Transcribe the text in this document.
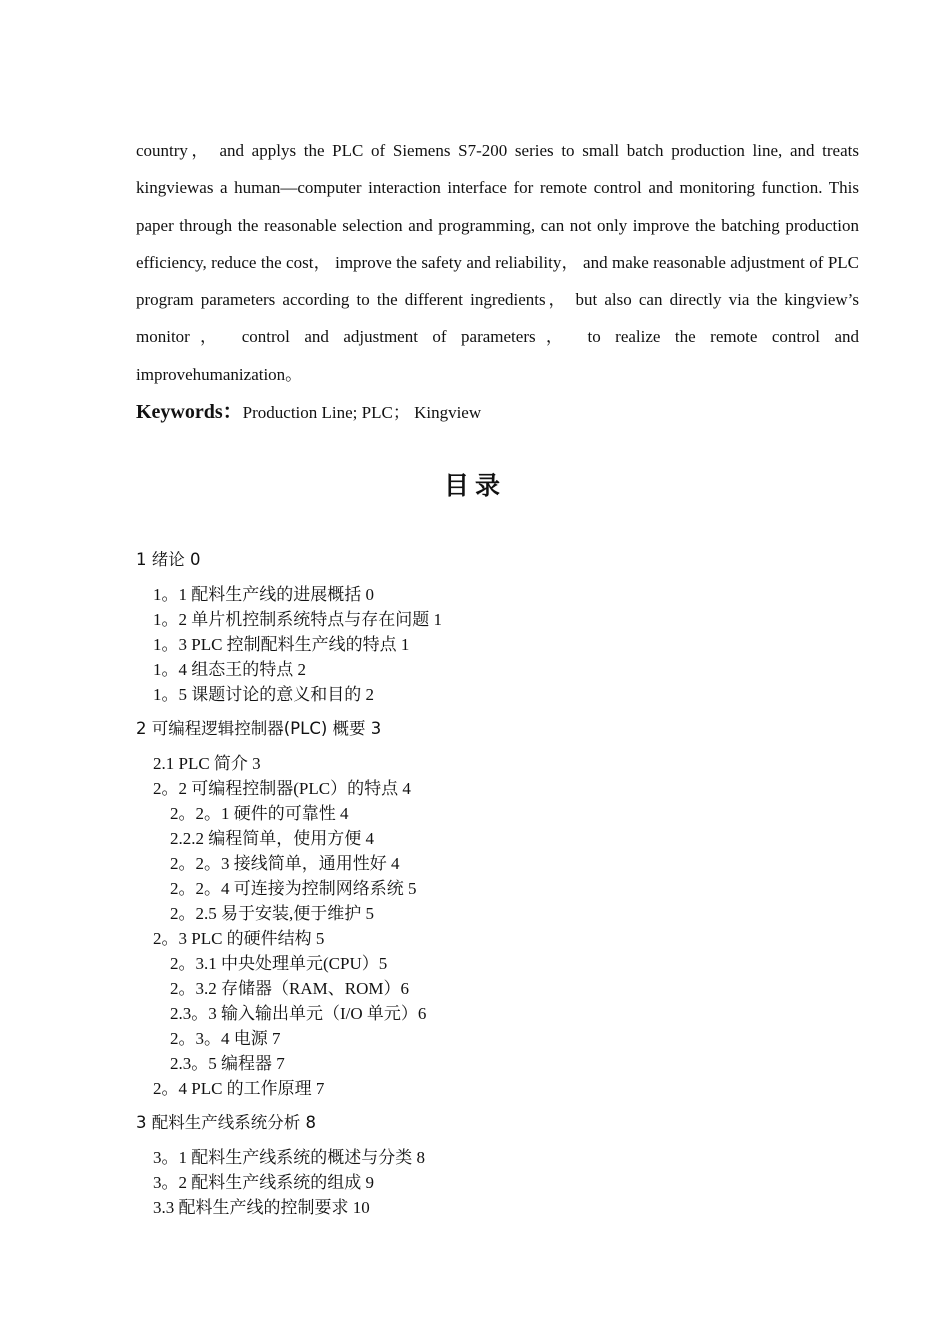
country， and applys the PLC of Siemens S7-200 series to small batch production line, and treats kingviewas a human—computer interaction interface for remote control and monitoring function. This paper through the reasonable selection and programming, can not only improve the batching production efficiency, reduce the cost， improve the safety and reliability， and make reasonable adjustment of PLC program parameters according to the different ingredients， but also can directly via the kingview’s monitor， control and adjustment of parameters， to realize the remote control and improvehumanization。

Keywords：Production Line; PLC； Kingview
目录
1 绪论 0
1。1 配料生产线的进展概括 0
1。2 单片机控制系统特点与存在问题 1
1。3 PLC 控制配料生产线的特点 1
1。4 组态王的特点 2
1。5 课题讨论的意义和目的 2
2 可编程逻辑控制器(PLC) 概要 3
2.1 PLC 简介 3
2。2 可编程控制器(PLC）的特点 4
2。2。1 硬件的可靠性 4
2.2.2 编程简单，使用方便 4
2。2。3 接线简单，通用性好 4
2。2。4 可连接为控制网络系统 5
2。2.5 易于安装,便于维护 5
2。3 PLC 的硬件结构 5
2。3.1 中央处理单元(CPU）5
2。3.2 存储器（RAM、ROM）6
2.3。3 输入输出单元（I/O 单元）6
2。3。4 电源 7
2.3。5 编程器 7
2。4 PLC 的工作原理 7
3 配料生产线系统分析 8
3。1 配料生产线系统的概述与分类 8
3。2 配料生产线系统的组成 9
3.3 配料生产线的控制要求 10
